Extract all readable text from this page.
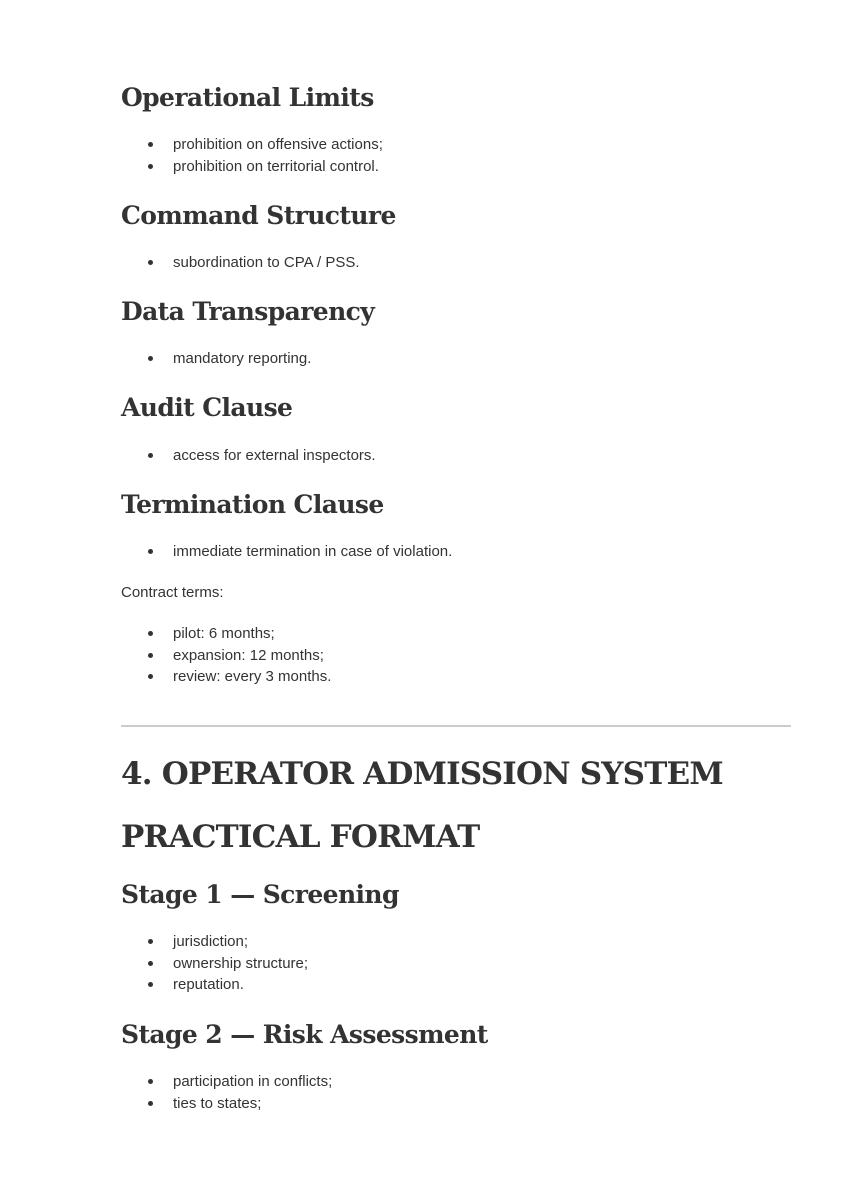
Operational Limits
prohibition on offensive actions;
prohibition on territorial control.
Command Structure
subordination to CPA / PSS.
Data Transparency
mandatory reporting.
Audit Clause
access for external inspectors.
Termination Clause
immediate termination in case of violation.

Contract terms:

pilot: 6 months;
expansion: 12 months;
review: every 3 months.
4. OPERATOR ADMISSION SYSTEM
PRACTICAL FORMAT
Stage 1 — Screening
jurisdiction;
ownership structure;
reputation.
Stage 2 — Risk Assessment
participation in conflicts;
ties to states;
